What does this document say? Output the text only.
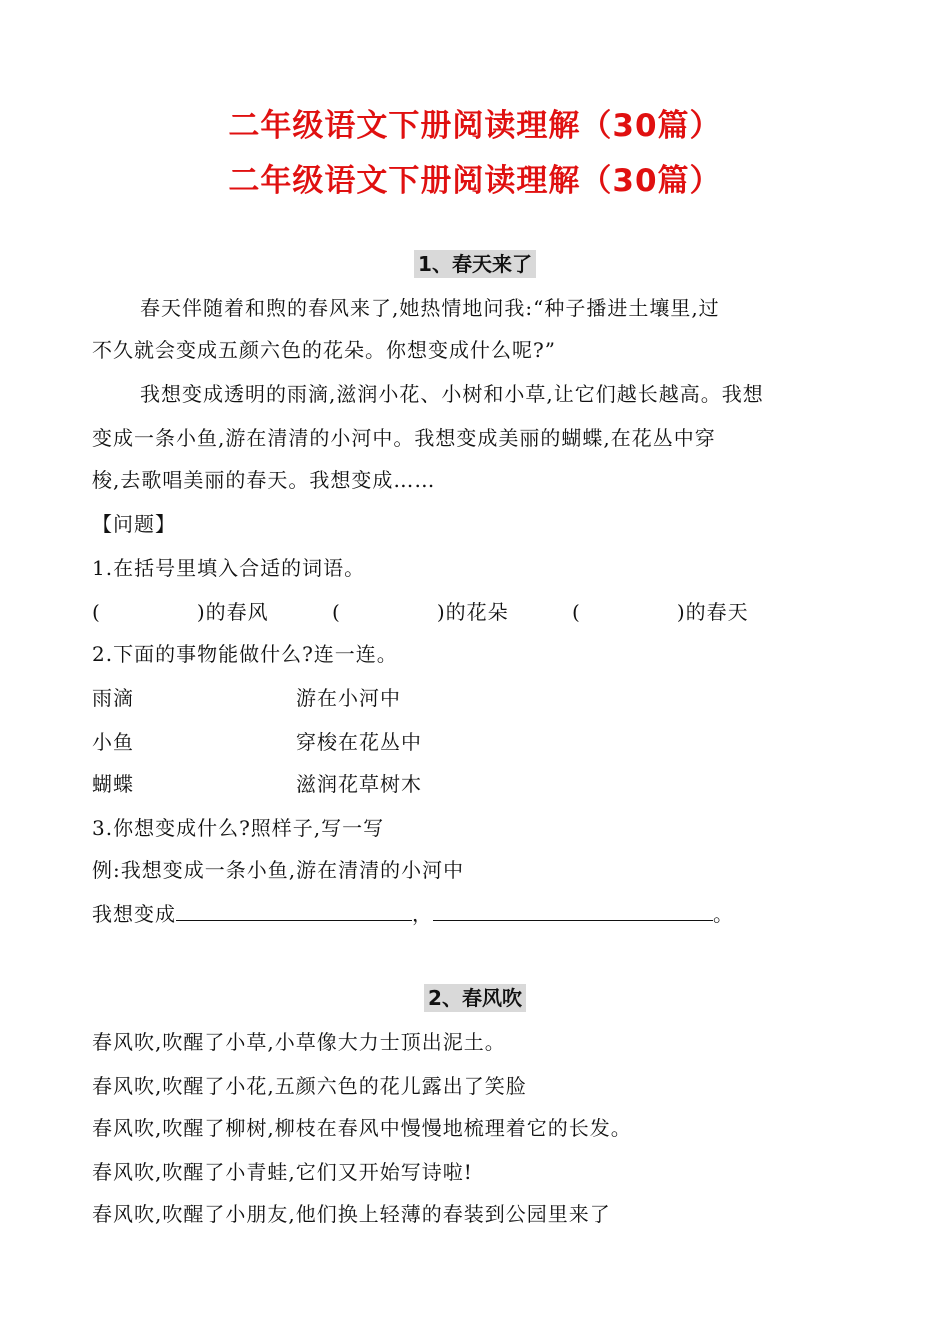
二年级语文下册阅读理解（30篇）
二年级语文下册阅读理解（30篇）
1、春天来了
春天伴随着和煦的春风来了,她热情地问我:“种子播进土壤里,过
不久就会变成五颜六色的花朵。你想变成什么呢?”
我想变成透明的雨滴,滋润小花、小树和小草,让它们越长越高。我想
变成一条小鱼,游在清清的小河中。我想变成美丽的蝴蝶,在花丛中穿
梭,去歌唱美丽的春天。我想变成……
【问题】
1.在括号里填入合适的词语。
(	)的春风	(	)的花朵	(	)的春天
2.下面的事物能做什么?连一连。
雨滴	游在小河中
小鱼	穿梭在花丛中
蝴蝶	滋润花草树木
3.你想变成什么?照样子,写一写
例:我想变成一条小鱼,游在清清的小河中
我想变成	，	。
2、春风吹
春风吹,吹醒了小草,小草像大力士顶出泥土。
春风吹,吹醒了小花,五颜六色的花儿露出了笑脸
春风吹,吹醒了柳树,柳枝在春风中慢慢地梳理着它的长发。
春风吹,吹醒了小青蛙,它们又开始写诗啦!
春风吹,吹醒了小朋友,他们换上轻薄的春装到公园里来了
